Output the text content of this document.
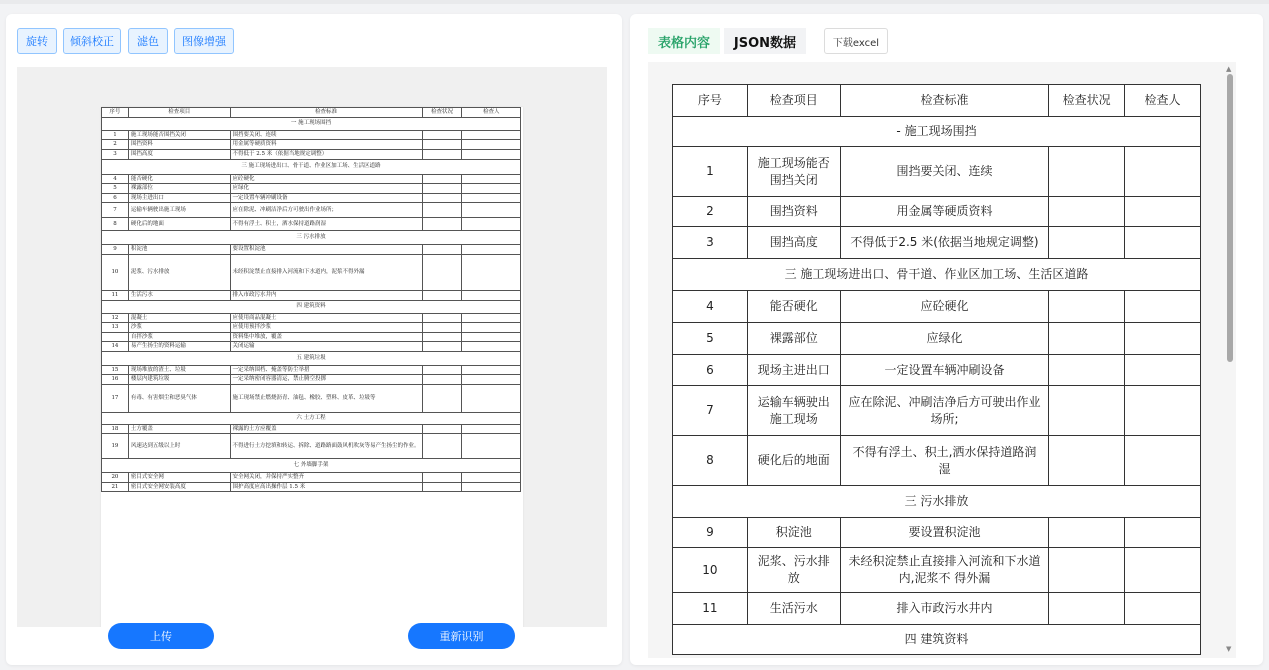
旋转	倾斜校正	滤色	图像增强
序号	检查项目	检查标准	检查状况	检查人
一 施工现场围挡				
1	施工现场能否围挡关闭	围挡要关闭、连续		
2	围挡资料	用金属等硬质资料		
3	围挡高度	不得低于 2.5 米（依据当地规定调整）		
三 施工现场进出口、骨干道、作业区加工场、生活区道路				
4	能否硬化	应砼硬化		
5	裸露部位	应绿化		
6	现场主进出口	一定设置车辆冲刷设备		
7	运输车辆驶出施工现场	应在除泥、冲刷洁净后方可驶出作业场所；		
8	硬化后的地面	不得有浮土、积土，洒水保持道路润湿		
三 污水排放				
9	积淀池	要设置积淀池		
10	泥浆、污水排放	未经积淀禁止直接排入河流和下水道内，泥浆不得外漏		
11	生活污水	排入市政污水井内		
四 建筑资料				
12	混凝土	应使用商品混凝土		
13	沙浆	应使用预拌沙浆		
	自拌沙浆	资料集中堆放，覆盖		
14	易产生扬尘的资料运输	关闭运输		
五 建筑垃圾				
15	现场堆放的渣土、垃圾	一定采纳围档、掩盖等防尘举措		
16	楼层内建筑垃圾	一定采纳密闭容器清运，禁止腾空投掷		
17	有毒、有害烟尘和恶臭气体	施工现场禁止燃烧沥青、油毡、橡胶、塑料、皮革、垃圾等		
六 土方工程				
18	土方覆盖	裸露的土方应覆盖		
19	风速达到五级以上时	不得进行土方挖填和转运、拆除、道路路面鼓风机吹灰等易产生扬尘的作业。		
七 外墙脚手架				
20	密目式安全网	安全网关闭，并保持严实整齐		
21	密目式安全网安装高度	围护高度应高出操作层 1.5 米		
上传	重新识别
表格内容	JSON数据	下载excel
序号	检查项目	检查标准	检查状况	检查人
- 施工现场围挡				
1	施工现场能否围挡关闭	围挡要关闭、连续		
2	围挡资料	用金属等硬质资料		
3	围挡高度	不得低于2.5 米(依据当地规定调整)		
三 施工现场进出口、骨干道、作业区加工场、生活区道路				
4	能否硬化	应砼硬化		
5	裸露部位	应绿化		
6	现场主进出口	一定设置车辆冲刷设备		
7	运输车辆驶出施工现场	应在除泥、冲刷洁净后方可驶出作业场所;		
8	硬化后的地面	不得有浮土、积土,洒水保持道路润湿		
三 污水排放				
9	积淀池	要设置积淀池		
10	泥浆、污水排放	未经积淀禁止直接排入河流和下水道内,泥浆不 得外漏		
11	生活污水	排入市政污水井内		
四 建筑资料				
▲
▼
